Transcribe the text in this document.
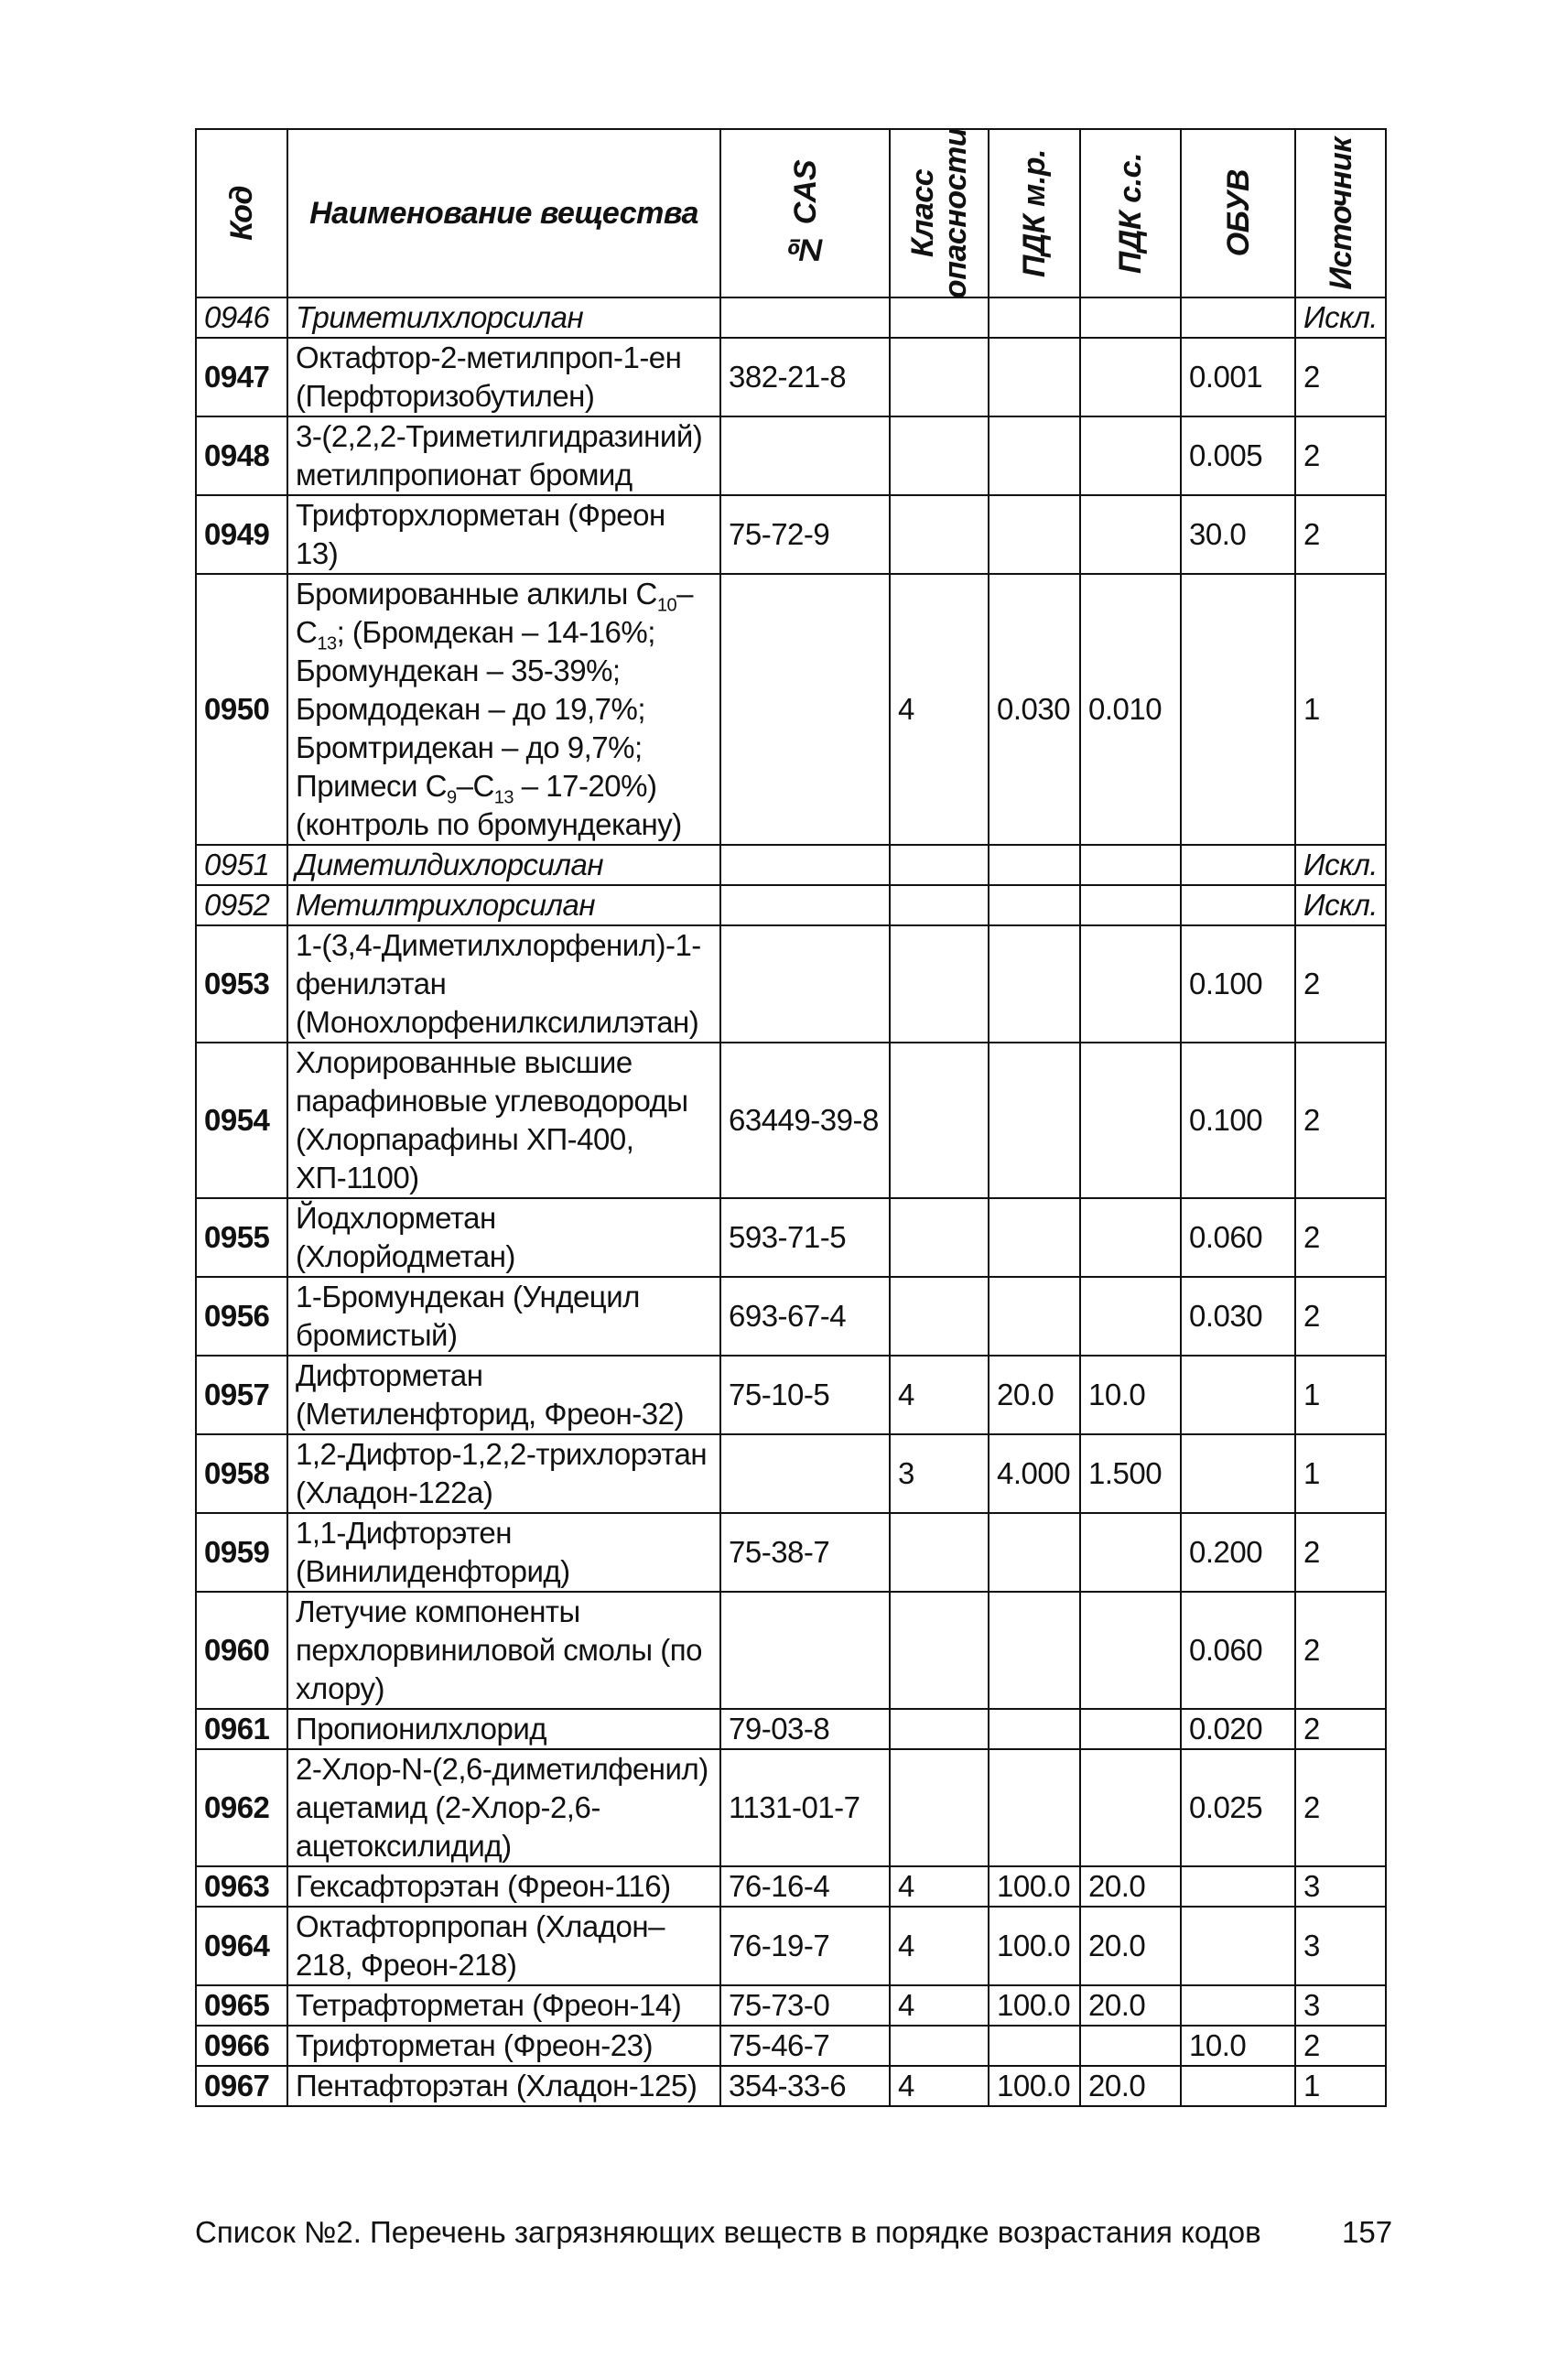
Код	Наименование вещества	№ CAS	Класс опасности	ПДК м.р.	ПДК с.с.	ОБУВ	Источник

0946	Триметилхлорсилан						Искл.
0947	Октафтор-2-метилпроп-1-ен (Перфторизобутилен)	382-21-8				0.001	2
0948	3-(2,2,2-Триметилгидразиний) метилпропионат бромид					0.005	2
0949	Трифторхлорметан (Фреон 13)	75-72-9				30.0	2
0950	Бромированные алкилы $C_{10}-C_{13}$; (Бромдекан – 14-16%; Бромундекан – 35-39%; Бромдодекан – до 19,7%; Бромтридекан – до 9,7%; Примеси $C_9-C_{13} - 17-20\%$) (контроль по бромундекану)		4	0.030	0.010		1
0951	Диметилдихлорсилан						Искл.
0952	Метилтрихлорсилан						Искл.
0953	1-(3,4-Диметилхлорфенил)-1-фенилэтан (Монохлорфенилксилилэтан)					0.100	2
0954	Хлорированные высшие парафиновые углеводороды (Хлорпарафины ХП-400, ХП-1100)	63449-39-8				0.100	2
0955	Йодхлорметан (Хлорйодметан)	593-71-5				0.060	2
0956	1-Бромундекан (Ундецил бромистый)	693-67-4				0.030	2
0957	Дифторметан (Метиленфторид, Фреон-32)	75-10-5	4	20.0	10.0		1
0958	1,2-Дифтор-1,2,2-трихлорэтан (Хладон-122а)		3	4.000	1.500		1
0959	1,1-Дифторэтен (Винилиденфторид)	75-38-7				0.200	2
0960	Летучие компоненты перхлорвиниловой смолы (по хлору)					0.060	2
0961	Пропионилхлорид	79-03-8				0.020	2
0962	2-Хлор-N-(2,6-диметилфенил) ацетамид (2-Хлор-2,6-ацетоксилидид)	1131-01-7				0.025	2
0963	Гексафторэтан (Фреон-116)	76-16-4	4	100.0	20.0		3
0964	Октафторпропан (Хладон–218, Фреон-218)	76-19-7	4	100.0	20.0		3
0965	Тетрафторметан (Фреон-14)	75-73-0	4	100.0	20.0		3
0966	Трифторметан (Фреон-23)	75-46-7				10.0	2
0967	Пентафторэтан (Хладон-125)	354-33-6	4	100.0	20.0		1
Список №2. Перечень загрязняющих веществ в порядке возрастания кодов	157
